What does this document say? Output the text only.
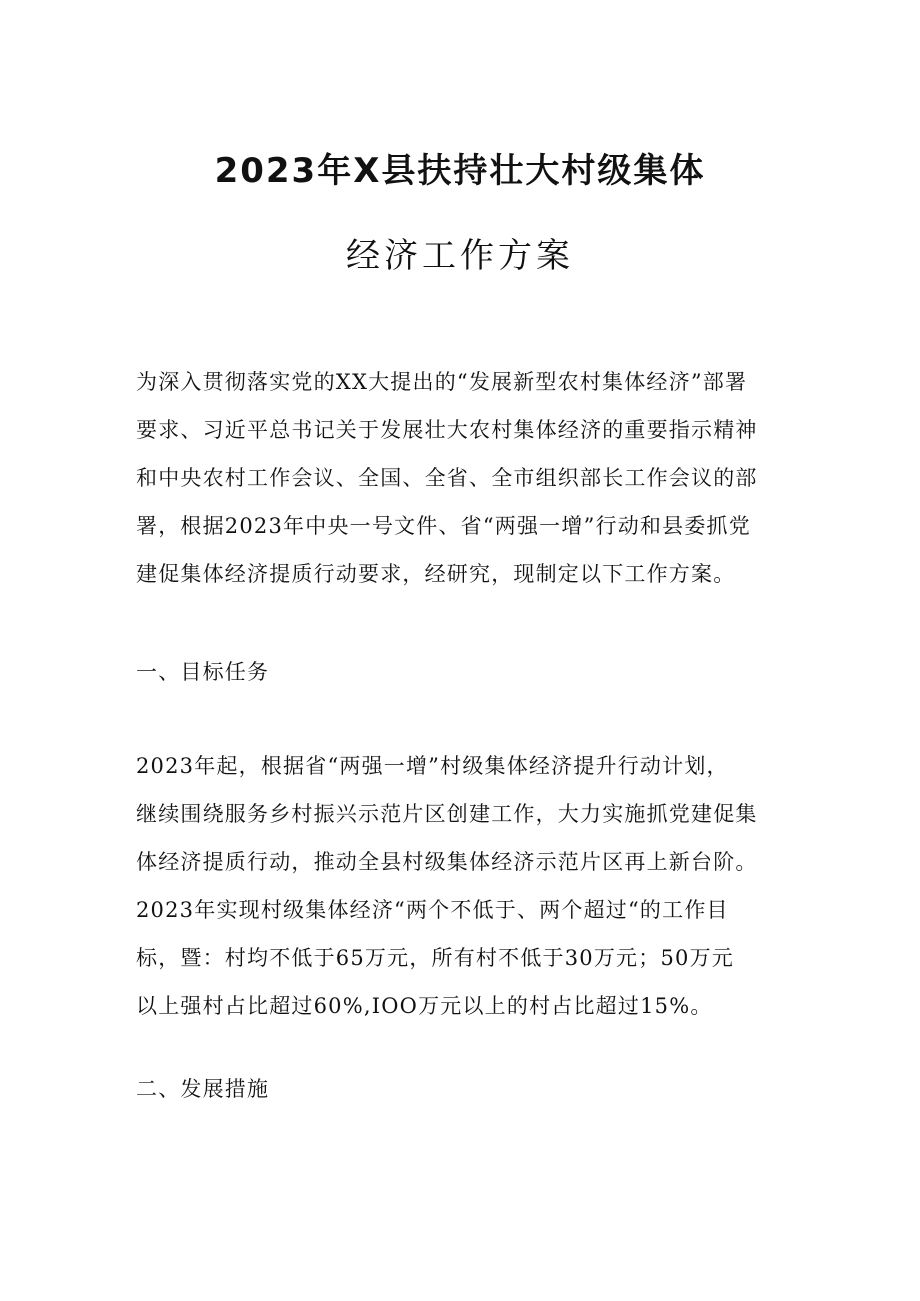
2023年X县扶持壮大村级集体
经济工作方案
为深入贯彻落实党的XX大提出的“发展新型农村集体经济”部署
要求、习近平总书记关于发展壮大农村集体经济的重要指示精神
和中央农村工作会议、全国、全省、全市组织部长工作会议的部
署，根据2023年中央一号文件、省“两强一增”行动和县委抓党
建促集体经济提质行动要求，经研究，现制定以下工作方案。
一、目标任务
2023年起，根据省“两强一增”村级集体经济提升行动计划，
继续围绕服务乡村振兴示范片区创建工作，大力实施抓党建促集
体经济提质行动，推动全县村级集体经济示范片区再上新台阶。
2023年实现村级集体经济“两个不低于、两个超过“的工作目
标，暨：村均不低于65万元，所有村不低于30万元；50万元
以上强村占比超过60%,IOO万元以上的村占比超过15%。
二、发展措施
